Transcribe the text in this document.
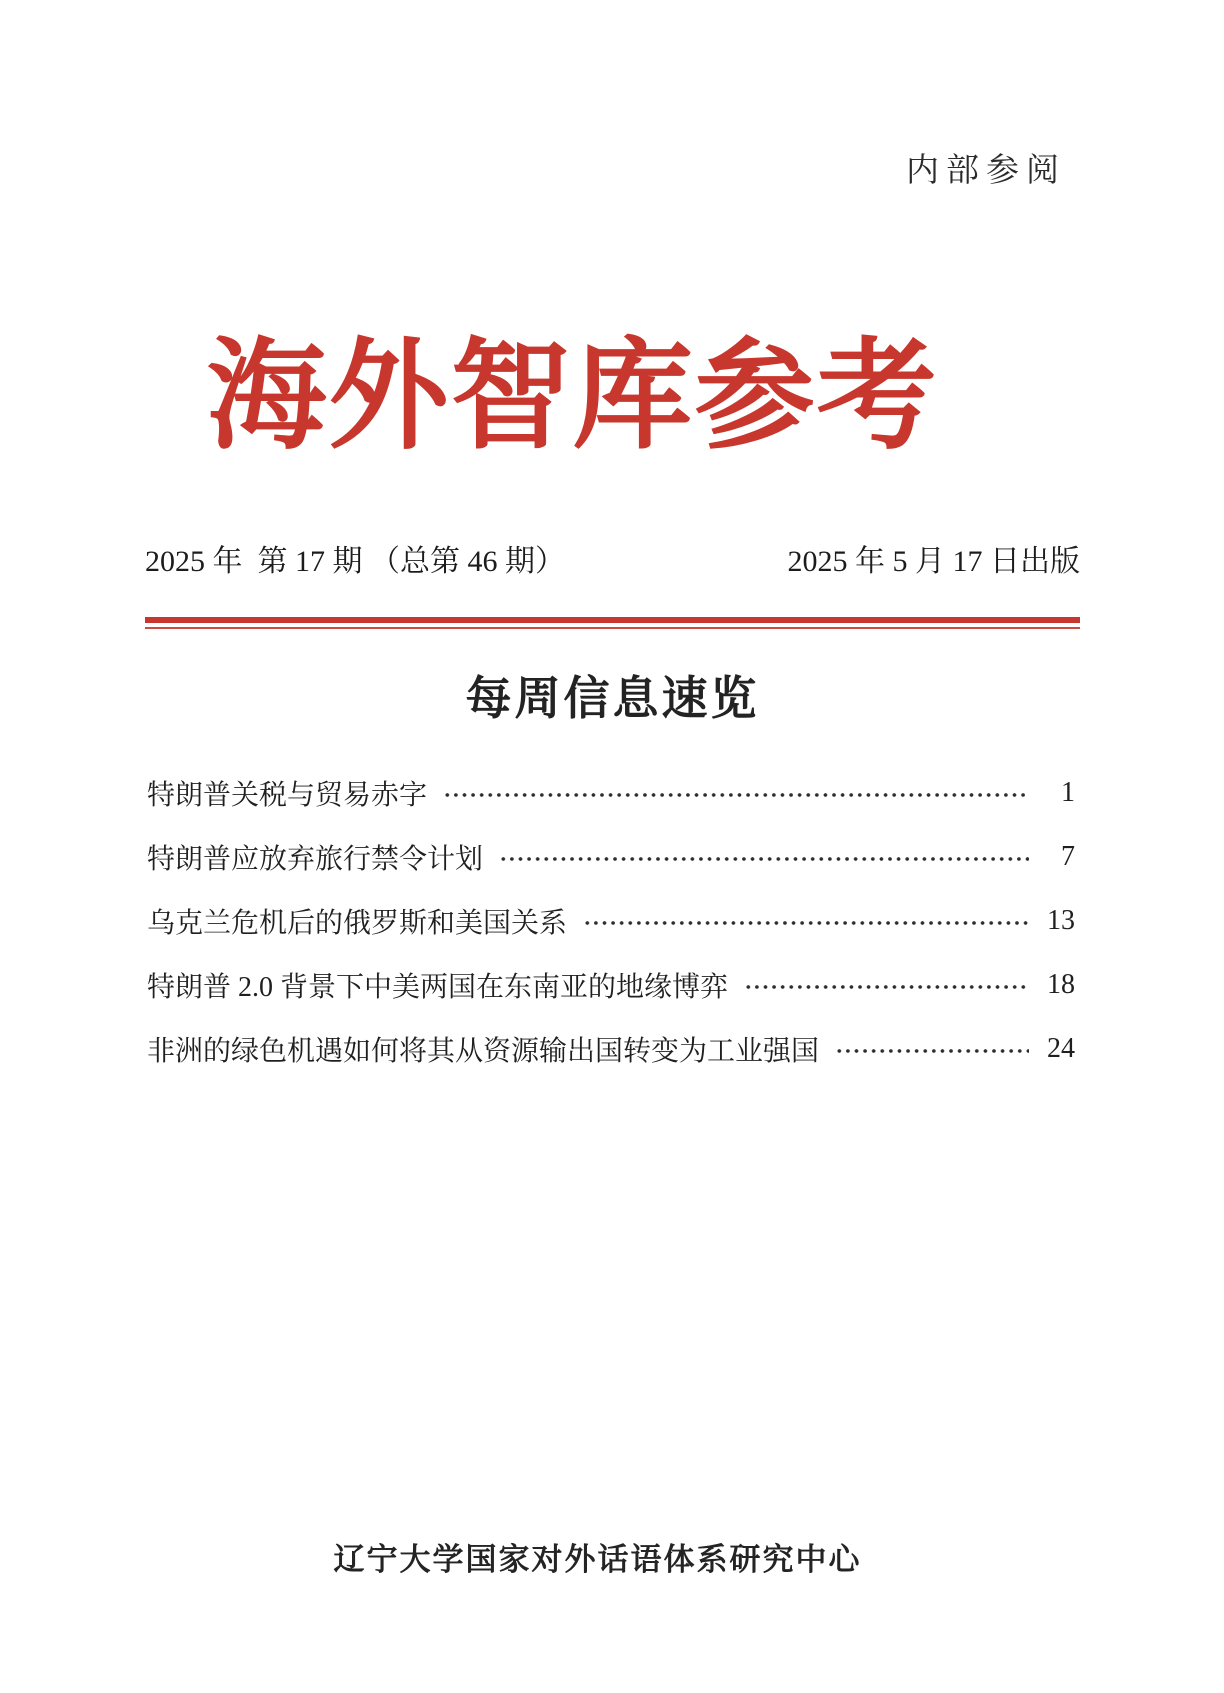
内部参阅
海外智库参考
2025 年  第 17 期 （总第 46 期）	2025 年 5 月 17 日出版
每周信息速览
特朗普关税与贸易赤字	1
特朗普应放弃旅行禁令计划	7
乌克兰危机后的俄罗斯和美国关系	13
特朗普 2.0 背景下中美两国在东南亚的地缘博弈	18
非洲的绿色机遇如何将其从资源输出国转变为工业强国	24
辽宁大学国家对外话语体系研究中心
